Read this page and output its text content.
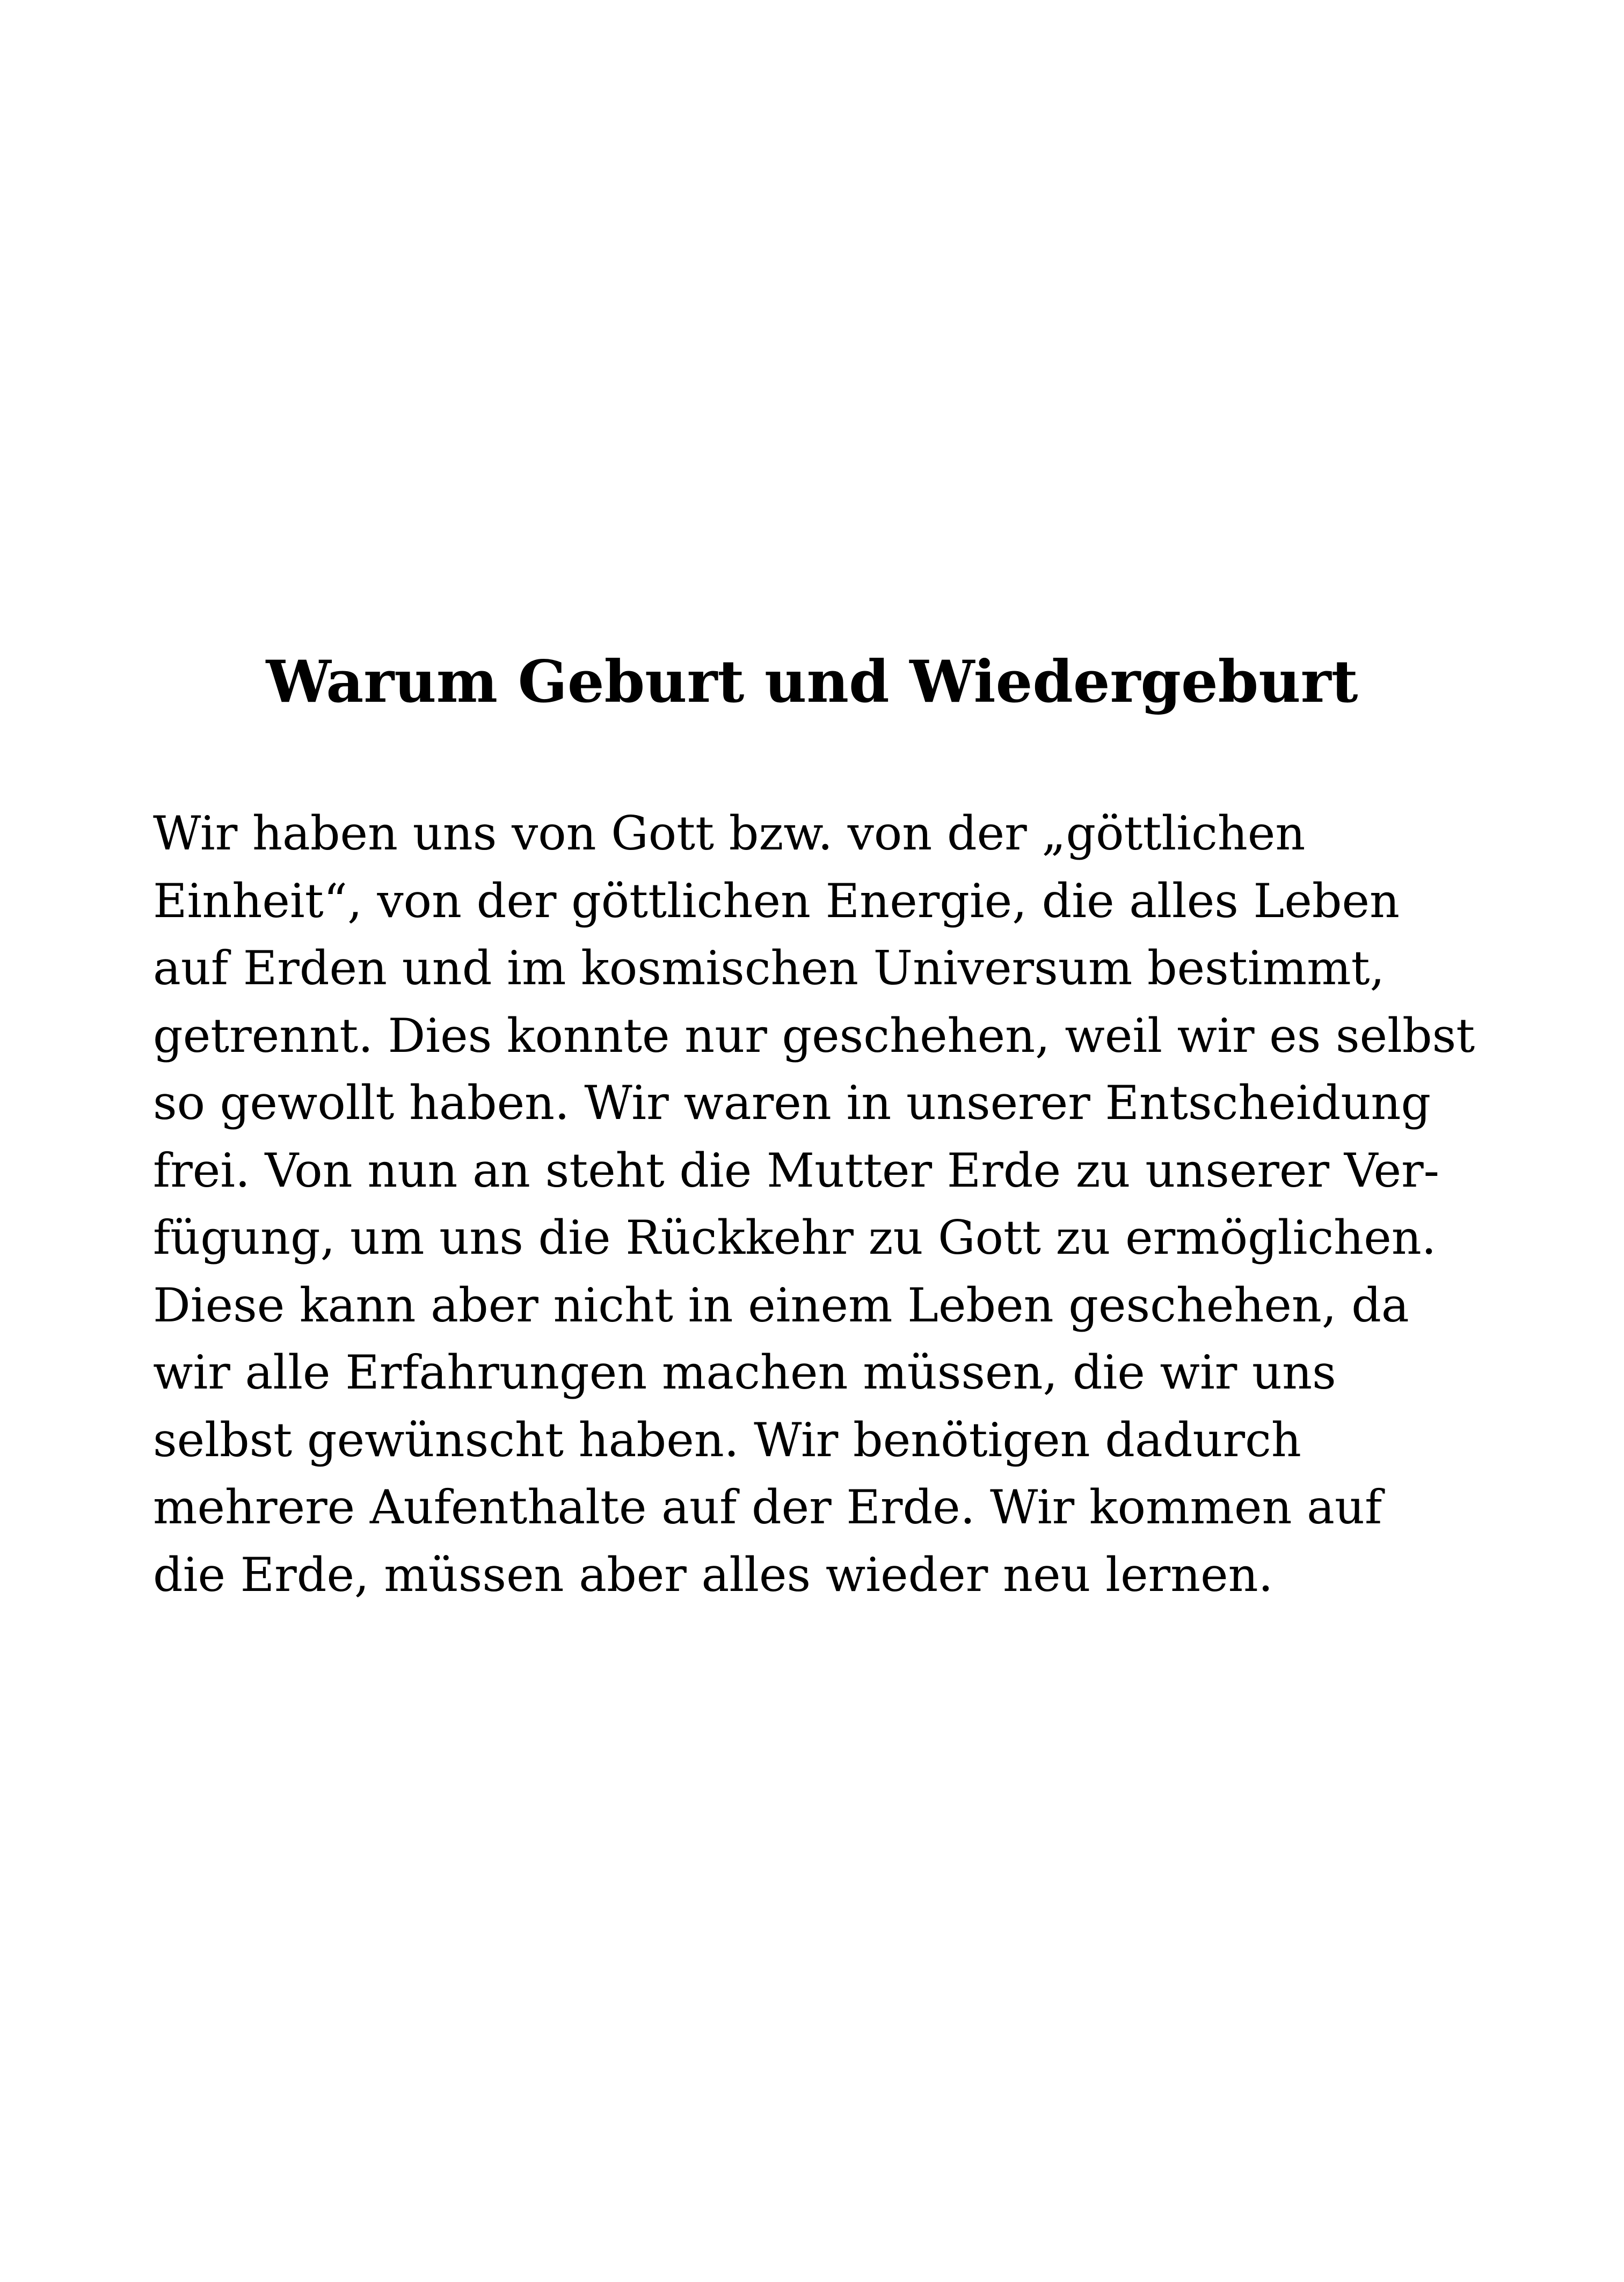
Warum Geburt und Wiedergeburt
Wir haben uns von Gott bzw. von der „göttlichen
Einheit“, von der göttlichen Energie, die alles Leben
auf Erden und im kosmischen Universum bestimmt,
getrennt. Dies konnte nur geschehen, weil wir es selbst
so gewollt haben. Wir waren in unserer Entscheidung
frei. Von nun an steht die Mutter Erde zu unserer Ver-
fügung, um uns die Rückkehr zu Gott zu ermöglichen.
Diese kann aber nicht in einem Leben geschehen, da
wir alle Erfahrungen machen müssen, die wir uns
selbst gewünscht haben. Wir benötigen dadurch
mehrere Aufenthalte auf der Erde. Wir kommen auf
die Erde, müssen aber alles wieder neu lernen.
